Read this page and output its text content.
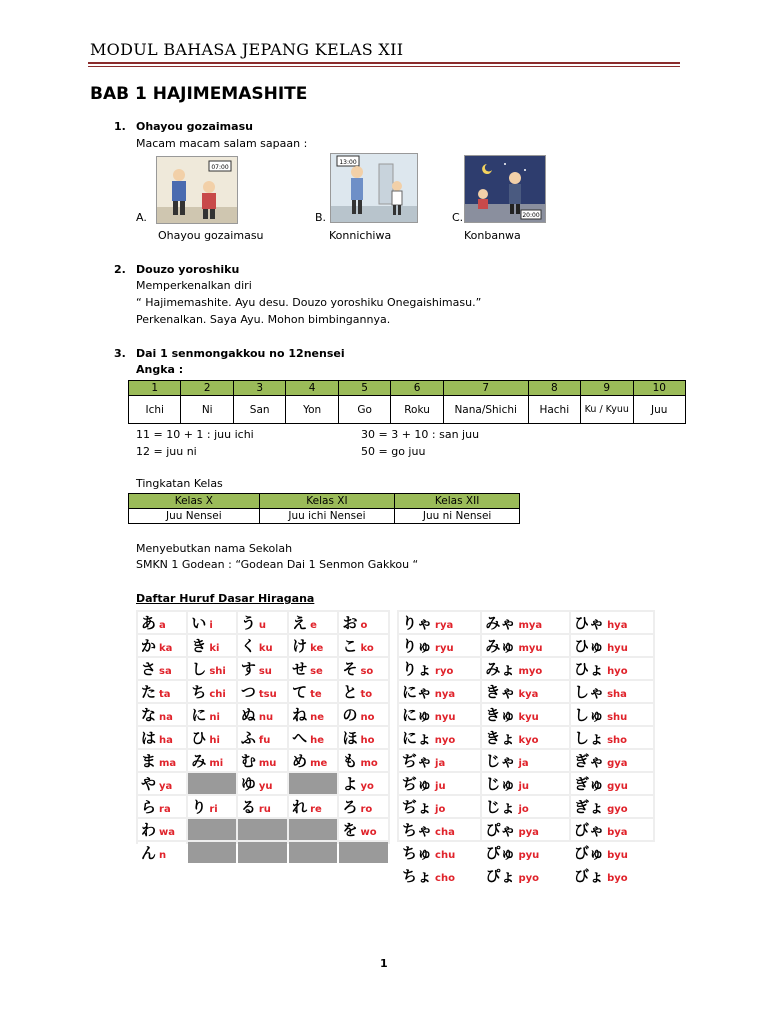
MODUL BAHASA JEPANG KELAS XII
BAB 1 HAJIMEMASHITE
1. Ohayou gozaimasu
Macam macam salam sapaan :
A.
07:00
Ohayou gozaimasu
B.
13:00
Konnichiwa
C.	20:00
Konbanwa
2. Douzo yoroshiku
Memperkenalkan diri
“ Hajimemashite. Ayu desu. Douzo yoroshiku Onegaishimasu.”
Perkenalkan. Saya Ayu. Mohon bimbingannya.
3. Dai 1 senmongakkou no 12nensei
Angka :
1	2	3	4	5	6	7	8	9	10
Ichi	Ni	San	Yon	Go	Roku	Nana/Shichi	Hachi	Ku / Kyuu	Juu
11 = 10 + 1 : juu ichi
12 = juu ni
30 = 3 + 10 : san juu
50 = go juu
Tingkatan Kelas
Kelas X	Kelas XI	Kelas XII
Juu Nensei	Juu ichi Nensei	Juu ni Nensei
Menyebutkan nama Sekolah
SMKN 1 Godean : “Godean Dai 1 Senmon Gakkou “
Daftar Huruf Dasar Hiragana
あ a	い i	う u	え e	お o
か ka	き ki	く ku	け ke	こ ko
さ sa	し shi	す su	せ se	そ so
た ta	ち chi	つ tsu	て te	と to
な na	に ni	ぬ nu	ね ne	の no
は ha	ひ hi	ふ fu	へ he	ほ ho
ま ma	み mi	む mu	め me	も mo
や ya		ゆ yu		よ yo
ら ra	り ri	る ru	れ re	ろ ro
わ wa				を wo
ん n				
りゃ rya	みゃ mya	ひゃ hya
りゅ ryu	みゅ myu	ひゅ hyu
りょ ryo	みょ myo	ひょ hyo
にゃ nya	きゃ kya	しゃ sha
にゅ nyu	きゅ kyu	しゅ shu
にょ nyo	きょ kyo	しょ sho
ぢゃ ja	じゃ ja	ぎゃ gya
ぢゅ ju	じゅ ju	ぎゅ gyu
ぢょ jo	じょ jo	ぎょ gyo
ちゃ cha	ぴゃ pya	びゃ bya
ちゅ chu	ぴゅ pyu	びゅ byu
ちょ cho	ぴょ pyo	びょ byo
1
